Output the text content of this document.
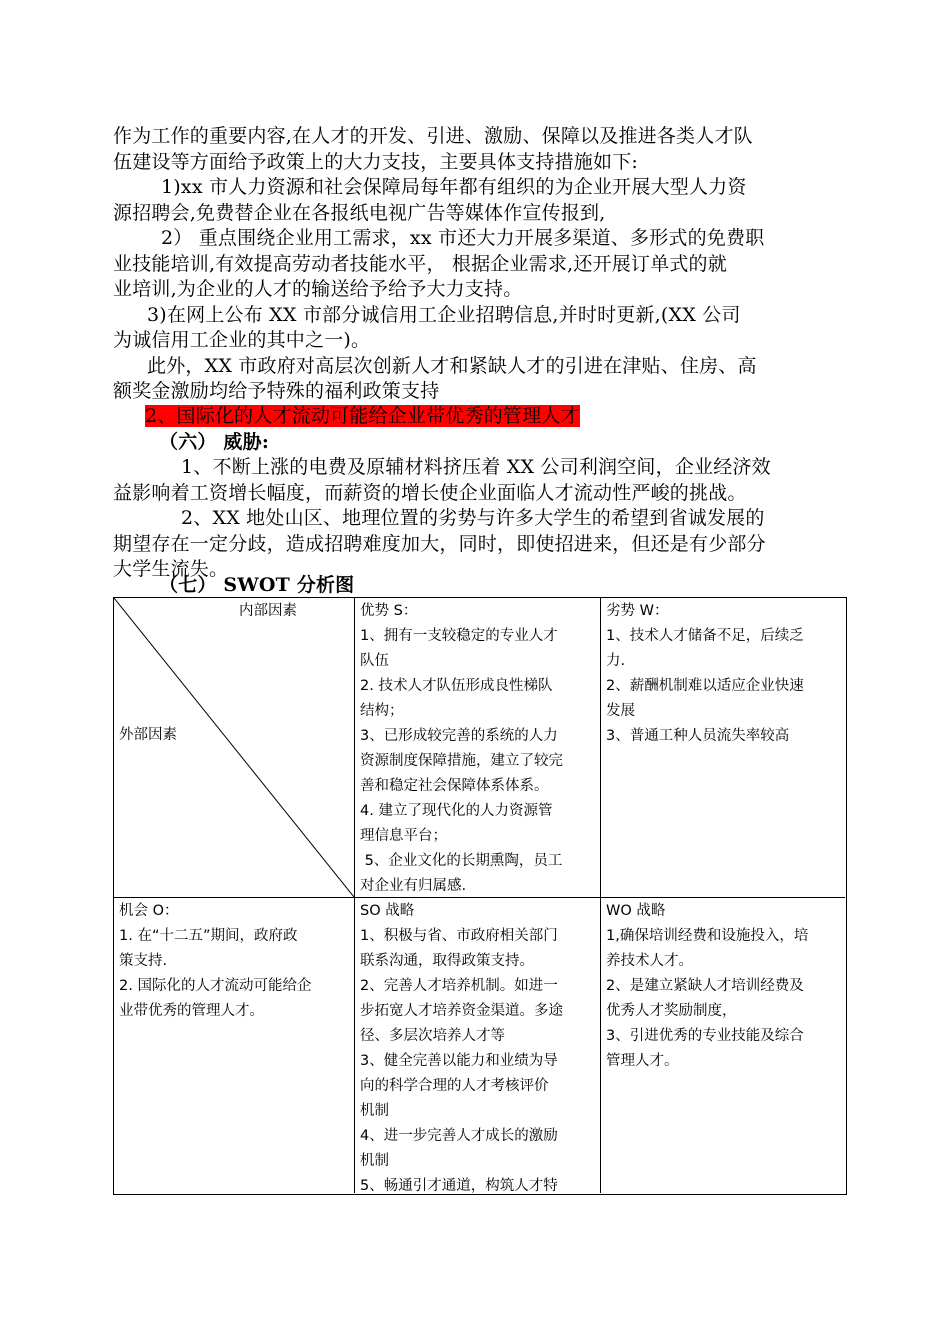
作为工作的重要内容,在人才的开发、引进、激励、保障以及推进各类人才队
伍建设等方面给予政策上的大力支技，主要具体支持措施如下:
1)xx 市人力资源和社会保障局每年都有组织的为企业开展大型人力资
源招聘会,免费替企业在各报纸电视广告等媒体作宣传报到,
2） 重点围绕企业用工需求，xx 市还大力开展多渠道、多形式的免费职
业技能培训,有效提高劳动者技能水平， 根据企业需求,还开展订单式的就
业培训,为企业的人才的输送给予给予大力支持。
3)在网上公布 XX 市部分诚信用工企业招聘信息,并时时更新,(XX 公司
为诚信用工企业的其中之一)。
此外，XX 市政府对高层次创新人才和紧缺人才的引进在津贴、住房、高
额奖金激励均给予特殊的福利政策支持
2、国际化的人才流动可能给企业带优秀的管理人才
（六） 威胁:
1、不断上涨的电费及原辅材料挤压着 XX 公司利润空间，企业经济效
益影响着工资增长幅度，而薪资的增长使企业面临人才流动性严峻的挑战。
2、XX 地处山区、地理位置的劣势与许多大学生的希望到省诚发展的
期望存在一定分歧，造成招聘难度加大，同时，即使招进来，但还是有少部分
大学生流失。
（七） SWOT 分析图
内部因素
外部因素
优势 S：
1、拥有一支较稳定的专业人才
队伍
2. 技术人才队伍形成良性梯队
结构；
3、已形成较完善的系统的人力
资源制度保障措施，建立了较完
善和稳定社会保障体系体系。
4. 建立了现代化的人力资源管
理信息平台；
5、企业文化的长期熏陶，员工
对企业有归属感.
劣势 W：
1、技术人才储备不足，后续乏
力.
2、薪酬机制难以适应企业快速
发展
3、普通工种人员流失率较高
机会 O：
1. 在“十二五”期间，政府政
策支持.
2. 国际化的人才流动可能给企
业带优秀的管理人才。
SO 战略
1、积极与省、市政府相关部门
联系沟通，取得政策支持。
2、完善人才培养机制。如进一
步拓宽人才培养资金渠道。多途
径、多层次培养人才等
3、健全完善以能力和业绩为导
向的科学合理的人才考核评价
机制
4、进一步完善人才成长的激励
机制
5、畅通引才通道，构筑人才特
WO 战略
1,确保培训经费和设施投入，培
养技术人才。
2、是建立紧缺人才培训经费及
优秀人才奖励制度，
3、引进优秀的专业技能及综合
管理人才。
